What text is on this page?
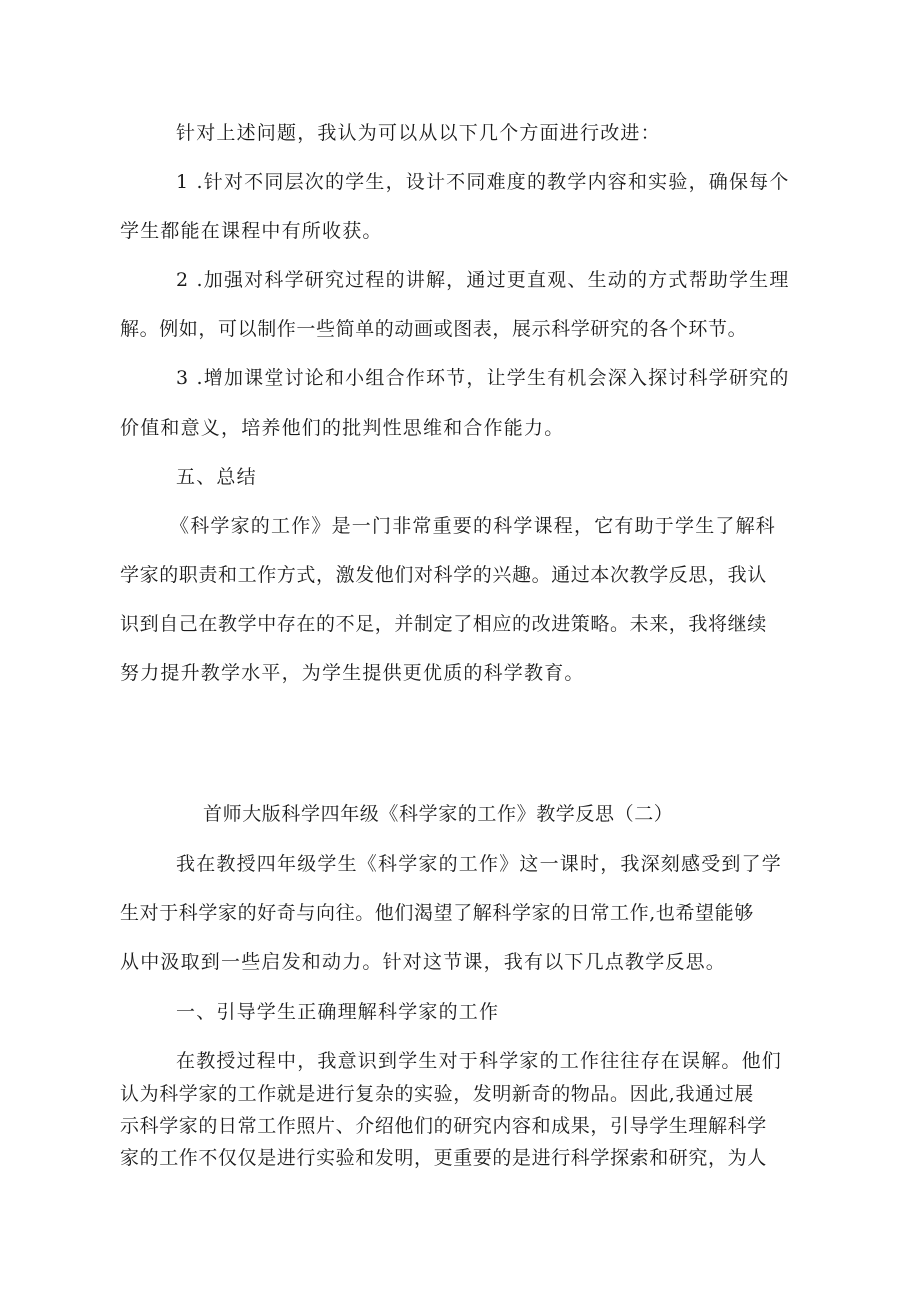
针对上述问题，我认为可以从以下几个方面进行改进：
1 .针对不同层次的学生，设计不同难度的教学内容和实验，确保每个
学生都能在课程中有所收获。
2 .加强对科学研究过程的讲解，通过更直观、生动的方式帮助学生理
解。例如，可以制作一些简单的动画或图表，展示科学研究的各个环节。
3 .增加课堂讨论和小组合作环节，让学生有机会深入探讨科学研究的
价值和意义，培养他们的批判性思维和合作能力。
五、总结
《科学家的工作》是一门非常重要的科学课程，它有助于学生了解科
学家的职责和工作方式，激发他们对科学的兴趣。通过本次教学反思，我认
识到自己在教学中存在的不足，并制定了相应的改进策略。未来，我将继续
努力提升教学水平，为学生提供更优质的科学教育。
首师大版科学四年级《科学家的工作》教学反思（二）
我在教授四年级学生《科学家的工作》这一课时，我深刻感受到了学
生对于科学家的好奇与向往。他们渴望了解科学家的日常工作,也希望能够
从中汲取到一些启发和动力。针对这节课，我有以下几点教学反思。
一、引导学生正确理解科学家的工作
在教授过程中，我意识到学生对于科学家的工作往往存在误解。他们
认为科学家的工作就是进行复杂的实验，发明新奇的物品。因此,我通过展
示科学家的日常工作照片、介绍他们的研究内容和成果，引导学生理解科学
家的工作不仅仅是进行实验和发明，更重要的是进行科学探索和研究，为人
